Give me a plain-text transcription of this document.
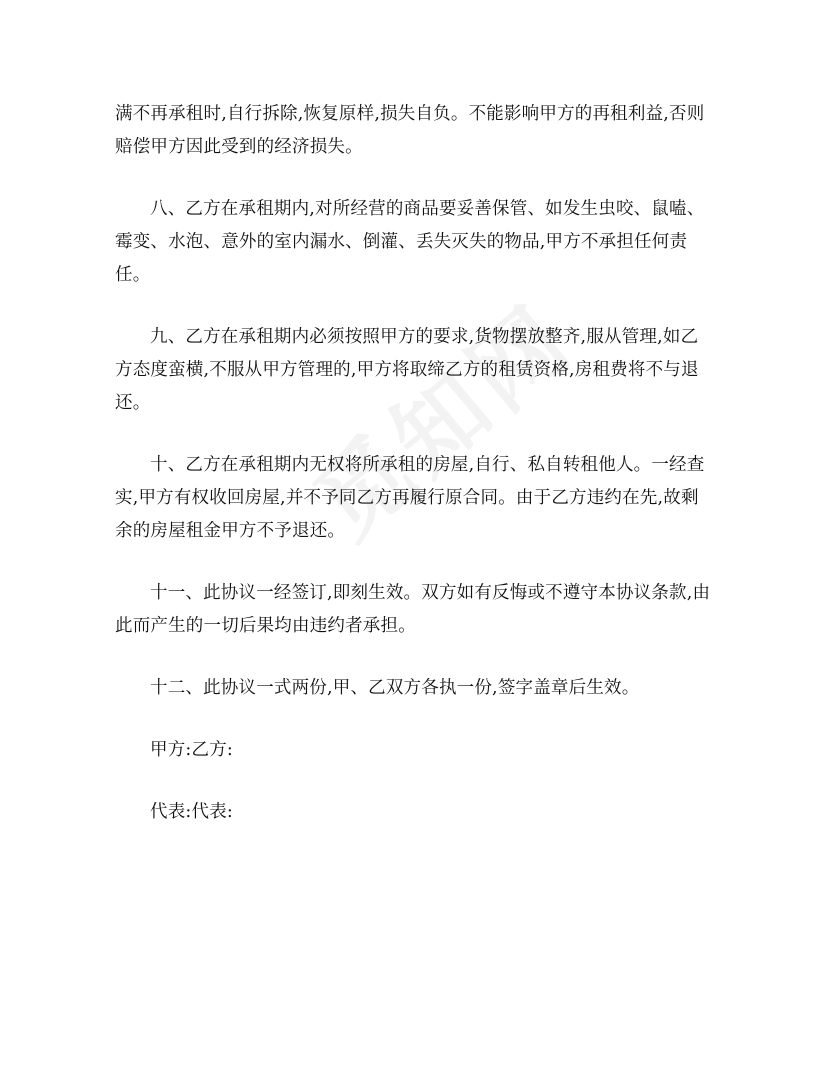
满不再承租时,自行拆除,恢复原样,损失自负。不能影响甲方的再租利益,否则赔偿甲方因此受到的经济损失。

八、乙方在承租期内,对所经营的商品要妥善保管、如发生虫咬、鼠嗑、霉变、水泡、意外的室内漏水、倒灌、丢失灭失的物品,甲方不承担任何责任。

九、乙方在承租期内必须按照甲方的要求,货物摆放整齐,服从管理,如乙方态度蛮横,不服从甲方管理的,甲方将取缔乙方的租赁资格,房租费将不与退还。

十、乙方在承租期内无权将所承租的房屋,自行、私自转租他人。一经查实,甲方有权收回房屋,并不予同乙方再履行原合同。由于乙方违约在先,故剩余的房屋租金甲方不予退还。

十一、此协议一经签订,即刻生效。双方如有反悔或不遵守本协议条款,由此而产生的一切后果均由违约者承担。

十二、此协议一式两份,甲、乙双方各执一份,签字盖章后生效。

甲方:乙方:

代表:代表:
